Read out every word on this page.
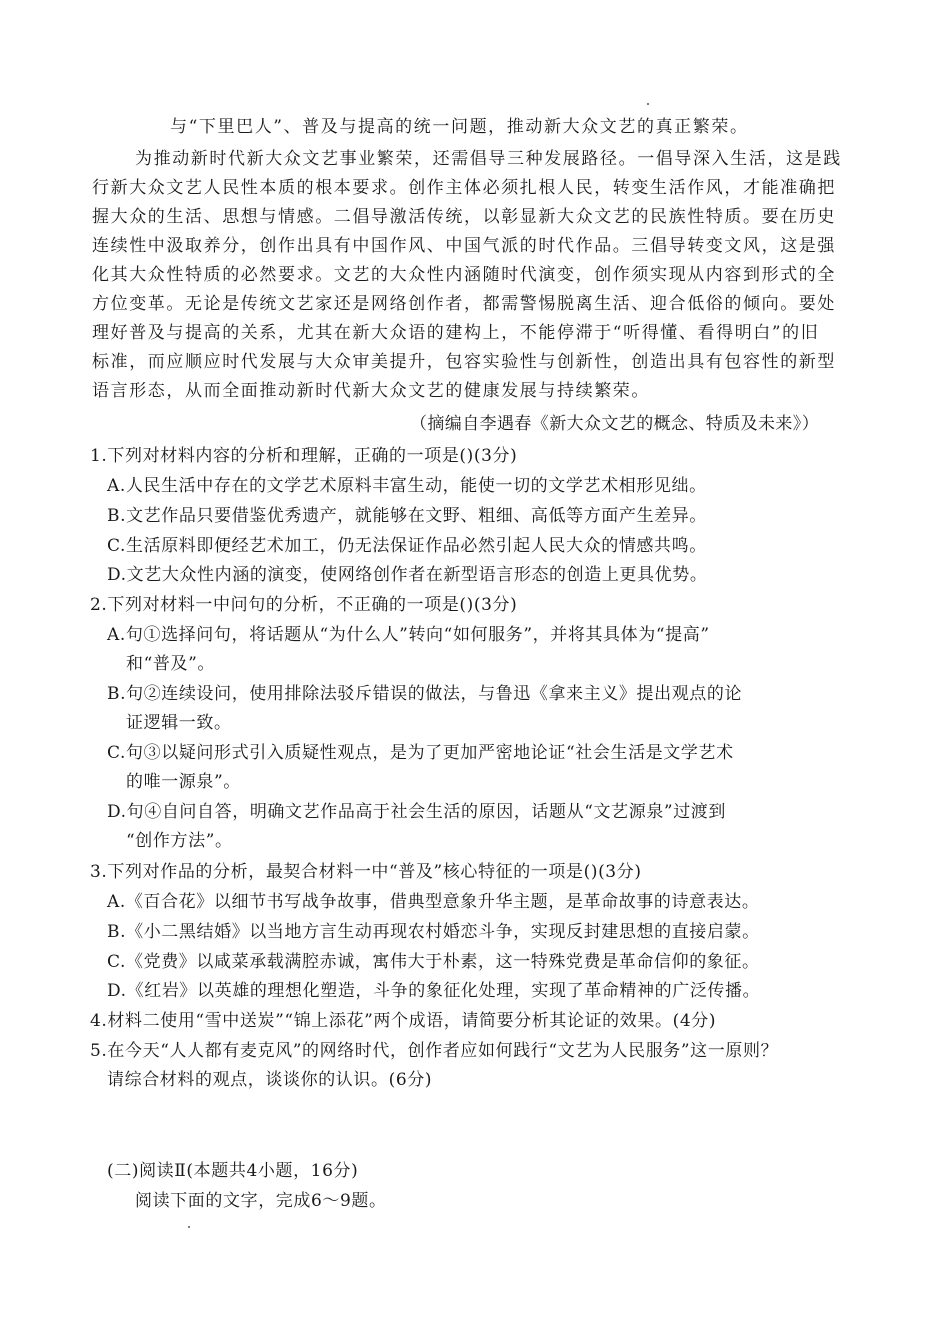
与“下里巴人”、普及与提高的统一问题，推动新大众文艺的真正繁荣。
为推动新时代新大众文艺事业繁荣，还需倡导三种发展路径。一倡导深入生活，这是践
行新大众文艺人民性本质的根本要求。创作主体必须扎根人民，转变生活作风，才能准确把
握大众的生活、思想与情感。二倡导激活传统，以彰显新大众文艺的民族性特质。要在历史
连续性中汲取养分，创作出具有中国作风、中国气派的时代作品。三倡导转变文风，这是强
化其大众性特质的必然要求。文艺的大众性内涵随时代演变，创作须实现从内容到形式的全
方位变革。无论是传统文艺家还是网络创作者，都需警惕脱离生活、迎合低俗的倾向。要处
理好普及与提高的关系，尤其在新大众语的建构上，不能停滞于“听得懂、看得明白”的旧
标准，而应顺应时代发展与大众审美提升，包容实验性与创新性，创造出具有包容性的新型
语言形态，从而全面推动新时代新大众文艺的健康发展与持续繁荣。
（摘编自李遇春《新大众文艺的概念、特质及未来》）
1.下列对材料内容的分析和理解，正确的一项是()(3分)
A.人民生活中存在的文学艺术原料丰富生动，能使一切的文学艺术相形见绌。
B.文艺作品只要借鉴优秀遗产，就能够在文野、粗细、高低等方面产生差异。
C.生活原料即便经艺术加工，仍无法保证作品必然引起人民大众的情感共鸣。
D.文艺大众性内涵的演变，使网络创作者在新型语言形态的创造上更具优势。
2.下列对材料一中问句的分析，不正确的一项是()(3分)
A.句①选择问句，将话题从“为什么人”转向“如何服务”，并将其具体为“提高”
和“普及”。
B.句②连续设问，使用排除法驳斥错误的做法，与鲁迅《拿来主义》提出观点的论
证逻辑一致。
C.句③以疑问形式引入质疑性观点，是为了更加严密地论证“社会生活是文学艺术
的唯一源泉”。
D.句④自问自答，明确文艺作品高于社会生活的原因，话题从“文艺源泉”过渡到
“创作方法”。
3.下列对作品的分析，最契合材料一中“普及”核心特征的一项是()(3分)
A.《百合花》以细节书写战争故事，借典型意象升华主题，是革命故事的诗意表达。
B.《小二黑结婚》以当地方言生动再现农村婚恋斗争，实现反封建思想的直接启蒙。
C.《党费》以咸菜承载满腔赤诚，寓伟大于朴素，这一特殊党费是革命信仰的象征。
D.《红岩》以英雄的理想化塑造，斗争的象征化处理，实现了革命精神的广泛传播。
4.材料二使用“雪中送炭”“锦上添花”两个成语，请简要分析其论证的效果。(4分)
5.在今天“人人都有麦克风”的网络时代，创作者应如何践行“文艺为人民服务”这一原则？
请综合材料的观点，谈谈你的认识。(6分)
(二)阅读Ⅱ(本题共4小题，16分)
阅读下面的文字，完成6～9题。
